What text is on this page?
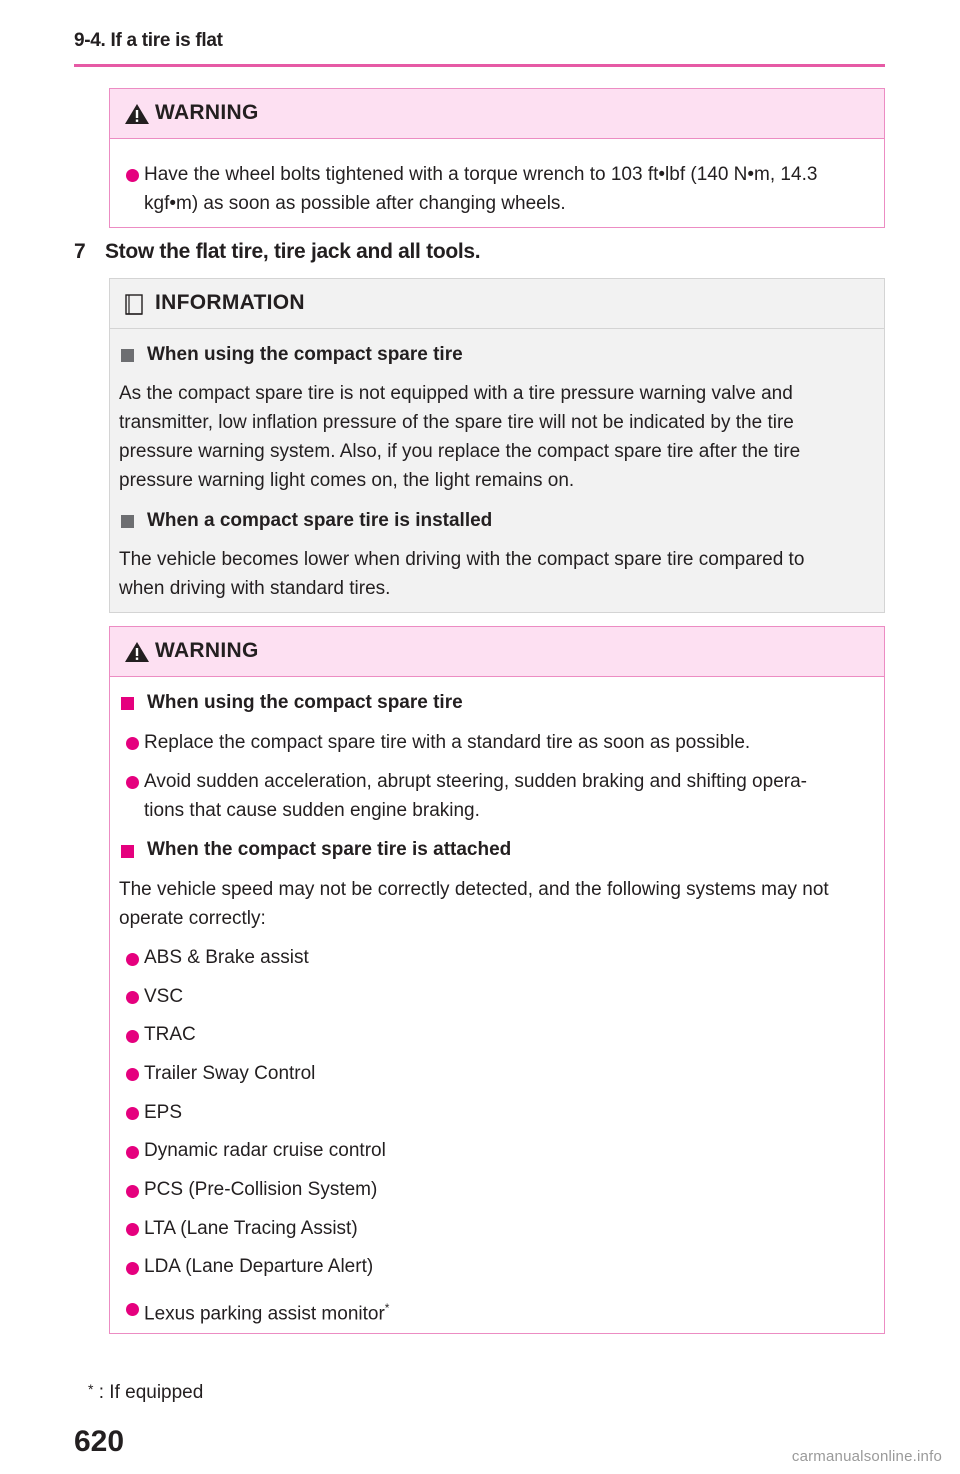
9-4. If a tire is flat
WARNING
Have the wheel bolts tightened with a torque wrench to 103 ft•lbf (140 N•m, 14.3
kgf•m) as soon as possible after changing wheels.
7 Stow the flat tire, tire jack and all tools.
INFORMATION
When using the compact spare tire
As the compact spare tire is not equipped with a tire pressure warning valve and
transmitter, low inflation pressure of the spare tire will not be indicated by the tire
pressure warning system. Also, if you replace the compact spare tire after the tire
pressure warning light comes on, the light remains on.
When a compact spare tire is installed
The vehicle becomes lower when driving with the compact spare tire compared to
when driving with standard tires.
WARNING
When using the compact spare tire
Replace the compact spare tire with a standard tire as soon as possible.
Avoid sudden acceleration, abrupt steering, sudden braking and shifting opera-
tions that cause sudden engine braking.
When the compact spare tire is attached
The vehicle speed may not be correctly detected, and the following systems may not
operate correctly:
ABS & Brake assist
VSC
TRAC
Trailer Sway Control
EPS
Dynamic radar cruise control
PCS (Pre-Collision System)
LTA (Lane Tracing Assist)
LDA (Lane Departure Alert)
Lexus parking assist monitor*
* : If equipped
620	carmanualsonline.info
